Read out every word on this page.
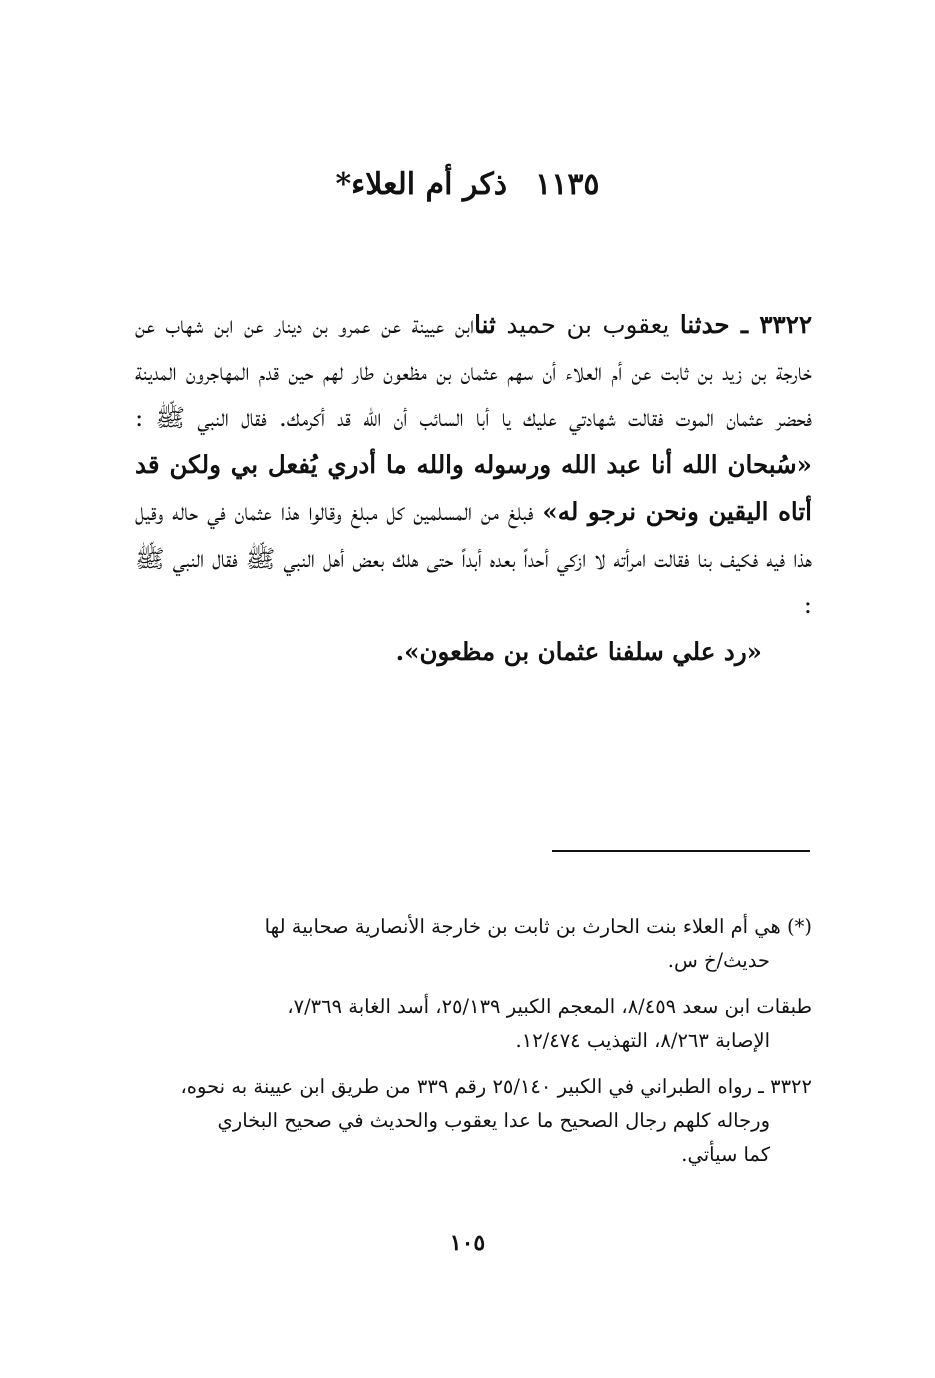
١١٣٥ذكر أم العلاء*

٣٣٢٢ ـ حدثنا يعقوب بن حميد ثناابن عيينة عن عمرو بن دينار عن ابن شهاب عن خارجة بن زيد بن ثابت عن أم العلاء أن سهم عثمان بن مظعون طار لهم حين قدم المهاجرون المدينة فحضر عثمان الموت فقالت شهادتي عليك يا أبا السائب أن الله قد أكرمك. فقال النبي ﷺ : «سُبحان الله أنا عبد الله ورسوله والله ما أدري يُفعل بي ولكن قد أتاه اليقين ونحن نرجو له» فبلغ من المسلمين كل مبلغ وقالوا هذا عثمان في حاله وقيل هذا فيه فكيف بنا فقالت امرأته لا ازكي أحداً بعده أبداً حتى هلك بعض أهل النبي ﷺ فقال النبي ﷺ :

«رد علي سلفنا عثمان بن مظعون».

(*) هي أم العلاء بنت الحارث بن ثابت بن خارجة الأنصارية صحابية لها
حديث/خ س.

طبقات ابن سعد ٨/٤٥٩، المعجم الكبير ٢٥/١٣٩، أسد الغابة ٧/٣٦٩،
الإصابة ٨/٢٦٣، التهذيب ١٢/٤٧٤.

٣٣٢٢ ـ رواه الطبراني في الكبير ٢٥/١٤٠ رقم ٣٣٩ من طريق ابن عيينة به نحوه،
ورجاله كلهم رجال الصحيح ما عدا يعقوب والحديث في صحيح البخاري
كما سيأتي.

١٠٥
